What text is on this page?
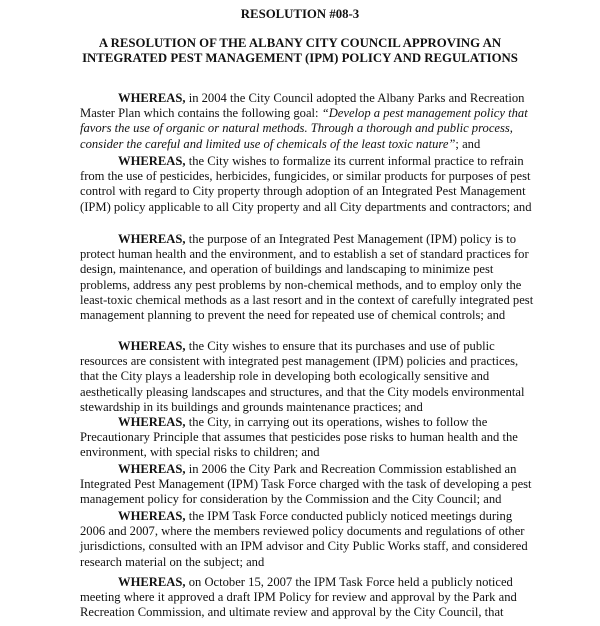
RESOLUTION #08-3
A RESOLUTION OF THE ALBANY CITY COUNCIL APPROVING AN
INTEGRATED PEST MANAGEMENT (IPM) POLICY AND REGULATIONS
WHEREAS, in 2004 the City Council adopted the Albany Parks and Recreation
Master Plan which contains the following goal: “Develop a pest management policy that
favors the use of organic or natural methods. Through a thorough and public process,
consider the careful and limited use of chemicals of the least toxic nature”; and
WHEREAS, the City wishes to formalize its current informal practice to refrain
from the use of pesticides, herbicides, fungicides, or similar products for purposes of pest
control with regard to City property through adoption of an Integrated Pest Management
(IPM) policy applicable to all City property and all City departments and contractors; and
WHEREAS, the purpose of an Integrated Pest Management (IPM) policy is to
protect human health and the environment, and to establish a set of standard practices for
design, maintenance, and operation of buildings and landscaping to minimize pest
problems, address any pest problems by non-chemical methods, and to employ only the
least-toxic chemical methods as a last resort and in the context of carefully integrated pest
management planning to prevent the need for repeated use of chemical controls; and
WHEREAS, the City wishes to ensure that its purchases and use of public
resources are consistent with integrated pest management (IPM) policies and practices,
that the City plays a leadership role in developing both ecologically sensitive and
aesthetically pleasing landscapes and structures, and that the City models environmental
stewardship in its buildings and grounds maintenance practices; and
WHEREAS, the City, in carrying out its operations, wishes to follow the
Precautionary Principle that assumes that pesticides pose risks to human health and the
environment, with special risks to children; and
WHEREAS, in 2006 the City Park and Recreation Commission established an
Integrated Pest Management (IPM) Task Force charged with the task of developing a pest
management policy for consideration by the Commission and the City Council; and
WHEREAS, the IPM Task Force conducted publicly noticed meetings during
2006 and 2007, where the members reviewed policy documents and regulations of other
jurisdictions, consulted with an IPM advisor and City Public Works staff, and considered
research material on the subject; and
WHEREAS, on October 15, 2007 the IPM Task Force held a publicly noticed
meeting where it approved a draft IPM Policy for review and approval by the Park and
Recreation Commission, and ultimate review and approval by the City Council, that
